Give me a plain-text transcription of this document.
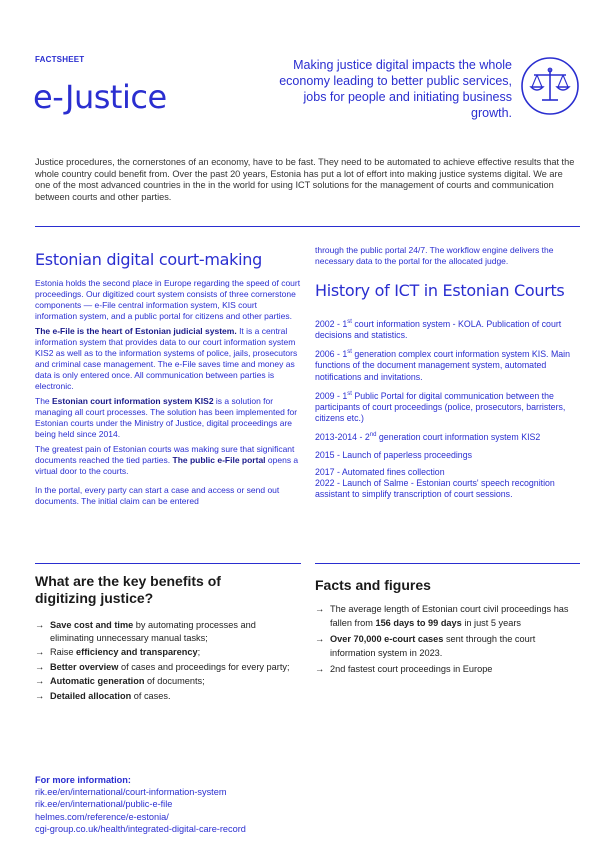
FACTSHEET
e-Justice
Making justice digital impacts the whole economy leading to better public services, jobs for people and initiating business growth.

Justice procedures, the cornerstones of an economy, have to be fast. They need to be automated to achieve effective results that the whole country could benefit from. Over the past 20 years, Estonia has put a lot of effort into making justice systems digital. We are one of the most advanced countries in the in the world for using ICT solutions for the management of courts and communication between courts and other parties.

Estonian digital court-making

Estonia holds the second place in Europe regarding the speed of court proceedings. Our digitized court system consists of three cornerstone components — e-File central information system, KIS court information system, and a public portal for citizens and other parties.

The e-File is the heart of Estonian judicial system. It is a central information system that provides data to our court information system KIS2 as well as to the information systems of police, jails, prosecutors and criminal case management. The e-File saves time and money as data is only entered once. All communication between parties is electronic.

The Estonian court information system KIS2 is a solution for managing all court processes. The solution has been implemented for Estonian courts under the Ministry of Justice, digital proceedings are being held since 2014.

The greatest pain of Estonian courts was making sure that significant documents reached the tied parties. The public e-File portal opens a virtual door to the courts.

In the portal, every party can start a case and access or send out documents. The initial claim can be entered

through the public portal 24/7. The workflow engine delivers the necessary data to the portal for the allocated judge.

History of ICT in Estonian Courts
2002 - 1st court information system - KOLA. Publication of court decisions and statistics.
2006 - 1st generation complex court information system KIS. Main functions of the document management system, automated notifications and invitations.
2009 - 1st Public Portal for digital communication between the participants of court proceedings (police, prosecutors, barristers, citizens etc.)
2013-2014 - 2nd generation court information system KIS2
2015 - Launch of paperless proceedings
2017 - Automated fines collection
2022 - Launch of Salme - Estonian courts' speech recognition assistant to simplify transcription of court sessions.
What are the key benefits of digitizing justice?
→ Save cost and time by automating processes and eliminating unnecessary manual tasks;
→ Raise efficiency and transparency;
→ Better overview of cases and proceedings for every party;
→ Automatic generation of documents;
→ Detailed allocation of cases.
Facts and figures
→ The average length of Estonian court civil proceedings has fallen from 156 days to 99 days in just 5 years
→ Over 70,000 e-court cases sent through the court information system in 2023.
→ 2nd fastest court proceedings in Europe
For more information:
rik.ee/en/international/court-information-system
rik.ee/en/international/public-e-file
helmes.com/reference/e-estonia/
cgi-group.co.uk/health/integrated-digital-care-record
